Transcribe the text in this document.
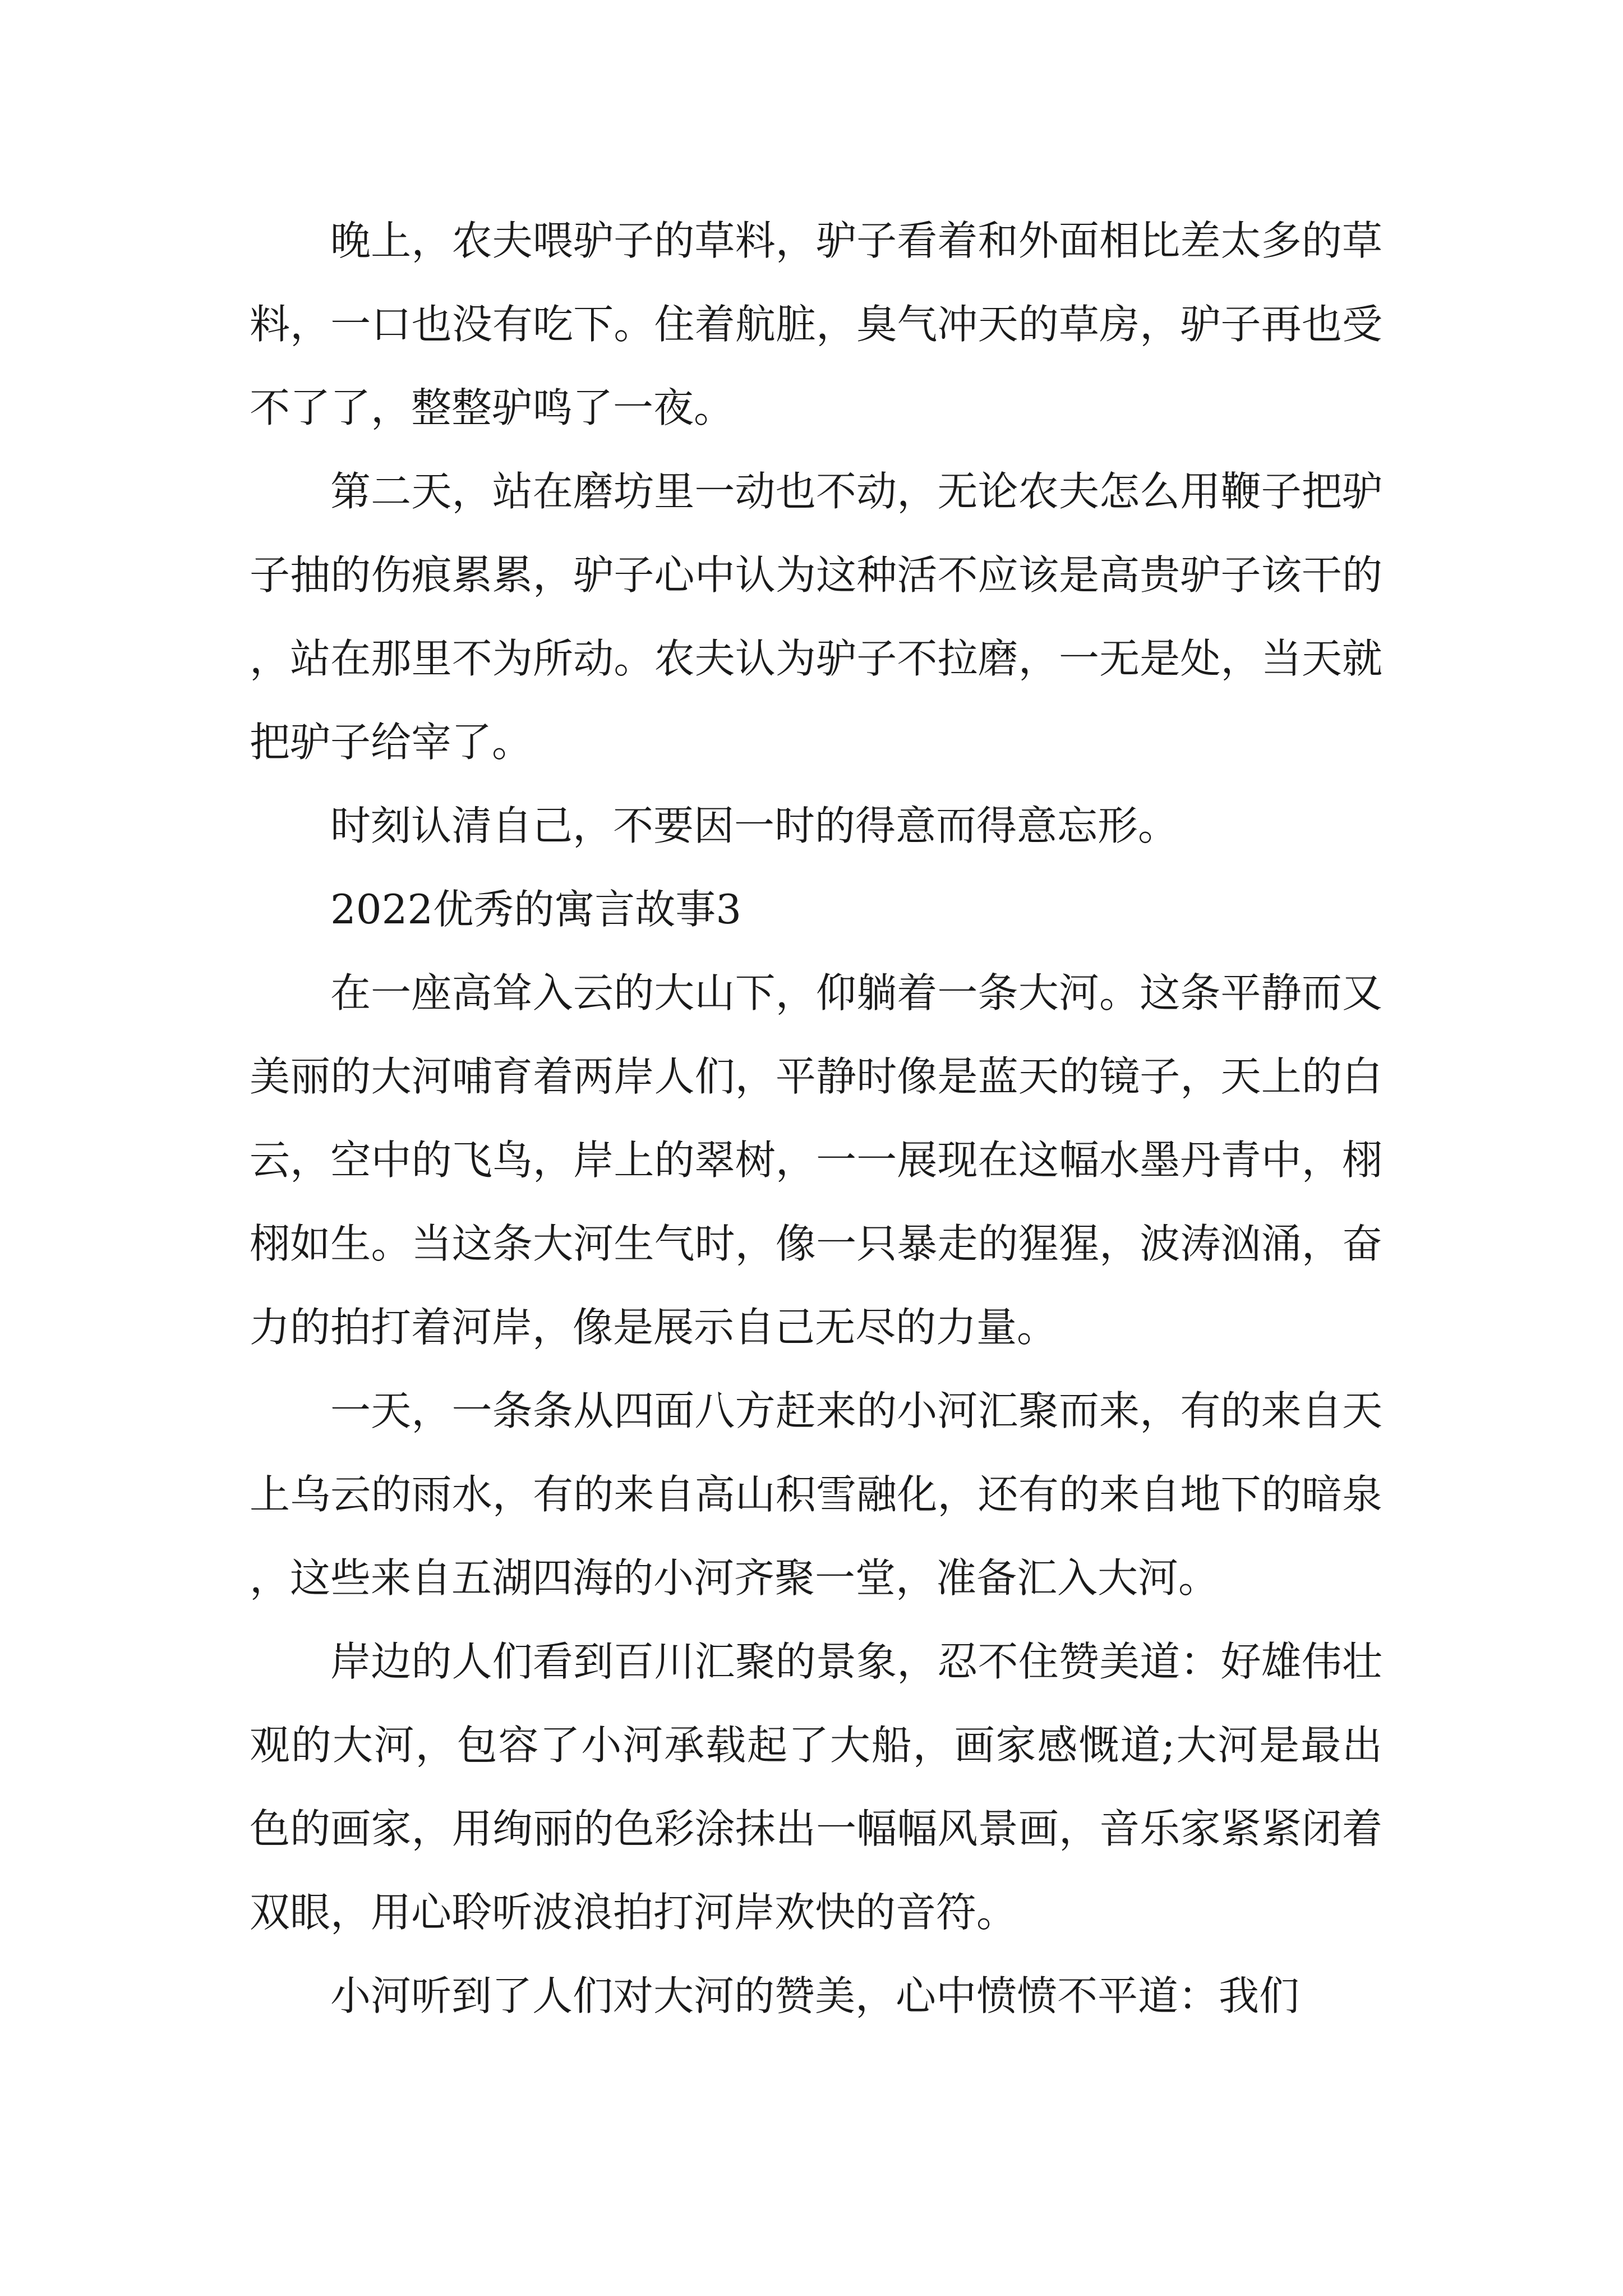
晚上，农夫喂驴子的草料，驴子看着和外面相比差太多的草料，一口也没有吃下。住着航脏，臭气冲天的草房，驴子再也受不了了，整整驴鸣了一夜。

第二天，站在磨坊里一动也不动，无论农夫怎么用鞭子把驴子抽的伤痕累累，驴子心中认为这种活不应该是高贵驴子该干的，站在那里不为所动。农夫认为驴子不拉磨，一无是处，当天就把驴子给宰了。

时刻认清自己，不要因一时的得意而得意忘形。

2022优秀的寓言故事3

在一座高耸入云的大山下，仰躺着一条大河。这条平静而又美丽的大河哺育着两岸人们，平静时像是蓝天的镜子，天上的白云，空中的飞鸟，岸上的翠树，一一展现在这幅水墨丹青中，栩栩如生。当这条大河生气时，像一只暴走的猩猩，波涛汹涌，奋力的拍打着河岸，像是展示自己无尽的力量。

一天，一条条从四面八方赶来的小河汇聚而来，有的来自天上乌云的雨水，有的来自高山积雪融化，还有的来自地下的暗泉，这些来自五湖四海的小河齐聚一堂，准备汇入大河。

岸边的人们看到百川汇聚的景象，忍不住赞美道：好雄伟壮观的大河，包容了小河承载起了大船，画家感慨道;大河是最出色的画家，用绚丽的色彩涂抹出一幅幅风景画，音乐家紧紧闭着双眼，用心聆听波浪拍打河岸欢快的音符。

小河听到了人们对大河的赞美，心中愤愤不平道：我们
